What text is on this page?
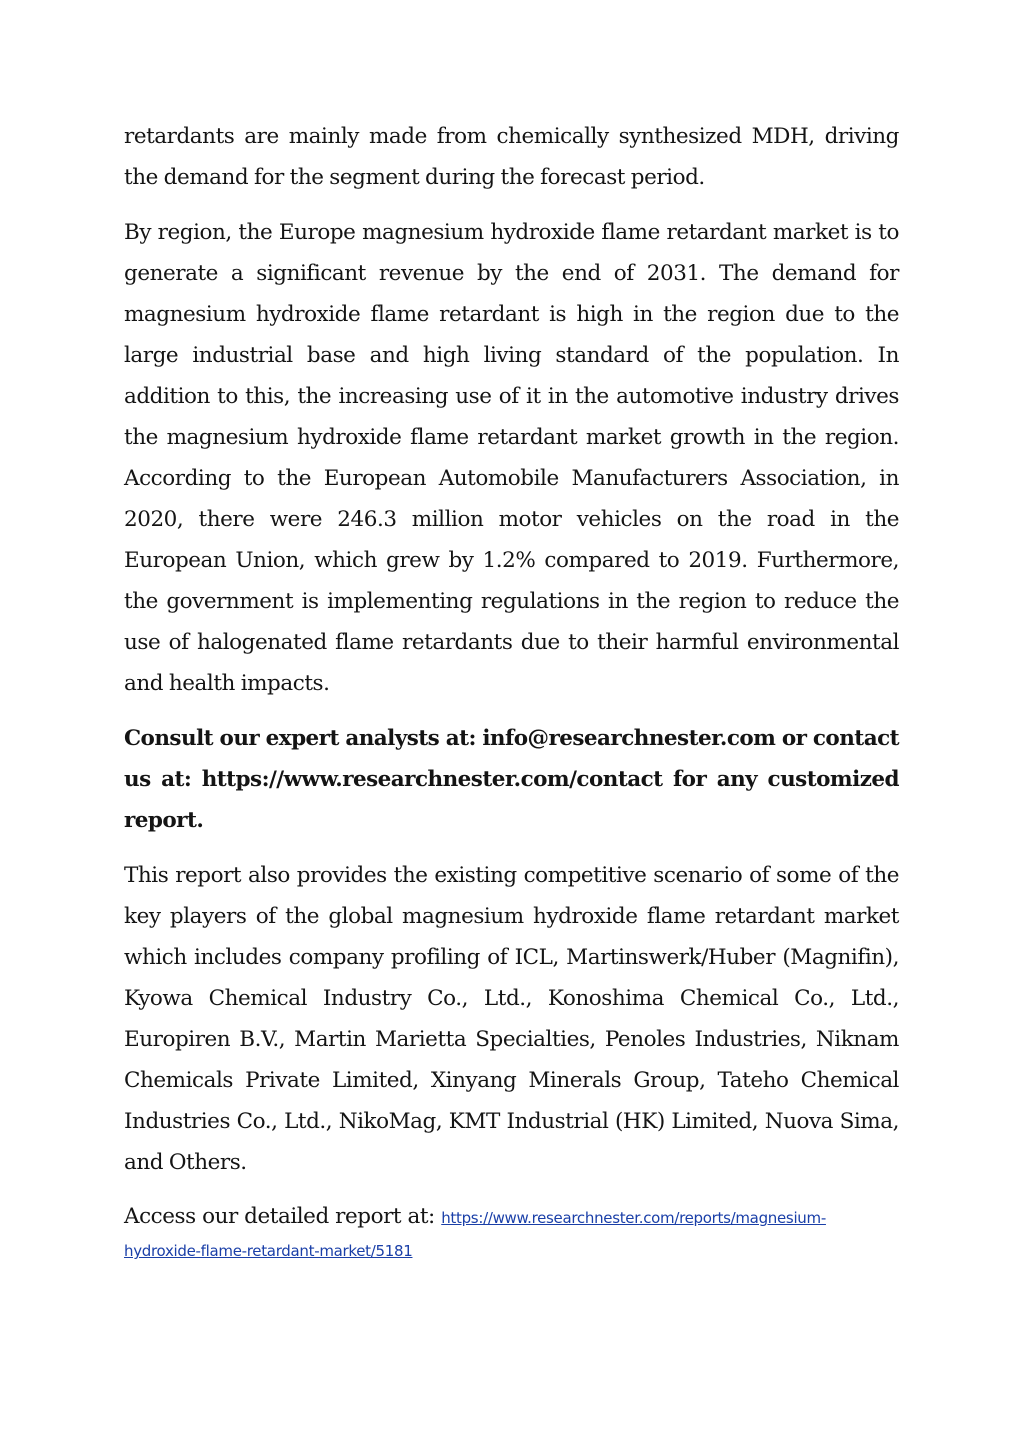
retardants are mainly made from chemically synthesized MDH, driving the demand for the segment during the forecast period.

By region, the Europe magnesium hydroxide flame retardant market is to generate a significant revenue by the end of 2031. The demand for magnesium hydroxide flame retardant is high in the region due to the large industrial base and high living standard of the population. In addition to this, the increasing use of it in the automotive industry drives the magnesium hydroxide flame retardant market growth in the region. According to the European Automobile Manufacturers Association, in 2020, there were 246.3 million motor vehicles on the road in the European Union, which grew by 1.2% compared to 2019. Furthermore, the government is implementing regulations in the region to reduce the use of halogenated flame retardants due to their harmful environmental and health impacts.

Consult our expert analysts at: info@researchnester.com or contact us at: https://www.researchnester.com/contact for any customized report.

This report also provides the existing competitive scenario of some of the key players of the global magnesium hydroxide flame retardant market which includes company profiling of ICL, Martinswerk/Huber (Magnifin), Kyowa Chemical Industry Co., Ltd., Konoshima Chemical Co., Ltd., Europiren B.V., Martin Marietta Specialties, Penoles Industries, Niknam Chemicals Private Limited, Xinyang Minerals Group, Tateho Chemical Industries Co., Ltd., NikoMag, KMT Industrial (HK) Limited, Nuova Sima, and Others.

Access our detailed report at: https://www.researchnester.com/reports/magnesium-

hydroxide-flame-retardant-market/5181
